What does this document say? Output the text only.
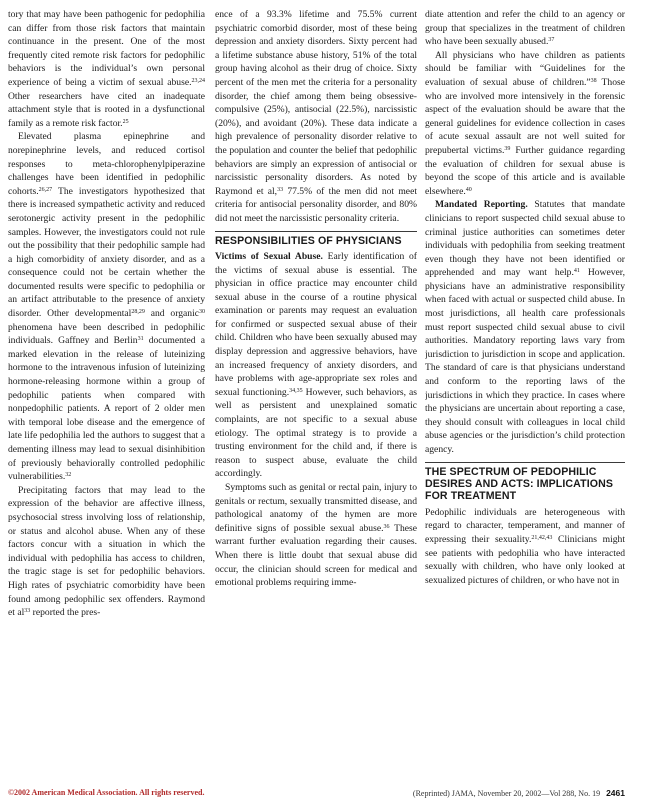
tory that may have been pathogenic for pedophilia can differ from those risk factors that maintain continuance in the present. One of the most frequently cited remote risk factors for pedophilic behaviors is the individual’s own personal experience of being a victim of sexual abuse.$^{23,24}$ Other researchers have cited an inadequate attachment style that is rooted in a dysfunctional family as a remote risk factor.$^{25}$

Elevated plasma epinephrine and norepinephrine levels, and reduced cortisol responses to meta-chlorophenylpiperazine challenges have been identified in pedophilic cohorts.$^{26,27}$ The investigators hypothesized that there is increased sympathetic activity and reduced serotonergic activity present in the pedophilic samples. However, the investigators could not rule out the possibility that their pedophilic sample had a high comorbidity of anxiety disorder, and as a consequence could not be certain whether the documented results were specific to pedophilia or an artifact attributable to the presence of anxiety disorder. Other developmental$^{28,29}$ and organic$^{30}$ phenomena have been described in pedophilic individuals. Gaffney and Berlin$^{31}$ documented a marked elevation in the release of luteinizing hormone to the intravenous infusion of luteinizing hormone-releasing hormone within a group of pedophilic patients when compared with nonpedophilic patients. A report of 2 older men with temporal lobe disease and the emergence of late life pedophilia led the authors to suggest that a dementing illness may lead to sexual disinhibition of previously behaviorally controlled pedophilic vulnerabilities.$^{32}$

Precipitating factors that may lead to the expression of the behavior are affective illness, psychosocial stress involving loss of relationship, or status and alcohol abuse. When any of these factors concur with a situation in which the individual with pedophilia has access to children, the tragic stage is set for pedophilic behaviors. High rates of psychiatric comorbidity have been found among pedophilic sex offenders. Raymond et $al^{33}$ reported the pres-

ence of a 93.3% lifetime and 75.5% current psychiatric comorbid disorder, most of these being depression and anxiety disorders. Sixty percent had a lifetime substance abuse history, 51% of the total group having alcohol as their drug of choice. Sixty percent of the men met the criteria for a personality disorder, the chief among them being obsessive-compulsive (25%), antisocial (22.5%), narcissistic (20%), and avoidant (20%). These data indicate a high prevalence of personality disorder relative to the population and counter the belief that pedophilic behaviors are simply an expression of antisocial or narcissistic personality disorders. As noted by Raymond et al,$^{33}$ 77.5% of the men did not meet criteria for antisocial personality disorder, and 80% did not meet the narcissistic personality criteria.

RESPONSIBILITIES OF PHYSICIANS

Victims of Sexual Abuse. Early identification of the victims of sexual abuse is essential. The physician in office practice may encounter child sexual abuse in the course of a routine physical examination or parents may request an evaluation for confirmed or suspected sexual abuse of their child. Children who have been sexually abused may display depression and aggressive behaviors, have an increased frequency of anxiety disorders, and have problems with age-appropriate sex roles and sexual functioning.$^{34,35}$ However, such behaviors, as well as persistent and unexplained somatic complaints, are not specific to a sexual abuse etiology. The optimal strategy is to provide a trusting environment for the child and, if there is reason to suspect abuse, evaluate the child accordingly.

Symptoms such as genital or rectal pain, injury to genitals or rectum, sexually transmitted disease, and pathological anatomy of the hymen are more definitive signs of possible sexual abuse.$^{36}$ These warrant further evaluation regarding their causes. When there is little doubt that sexual abuse did occur, the clinician should screen for medical and emotional problems requiring imme-

diate attention and refer the child to an agency or group that specializes in the treatment of children who have been sexually abused.$^{37}$

All physicians who have children as patients should be familiar with “Guidelines for the evaluation of sexual abuse of children.”$^{38}$ Those who are involved more intensively in the forensic aspect of the evaluation should be aware that the general guidelines for evidence collection in cases of acute sexual assault are not well suited for prepubertal victims.$^{39}$ Further guidance regarding the evaluation of children for sexual abuse is beyond the scope of this article and is available elsewhere.$^{40}$

Mandated Reporting. Statutes that mandate clinicians to report suspected child sexual abuse to criminal justice authorities can sometimes deter individuals with pedophilia from seeking treatment even though they have not been identified or apprehended and may want help.$^{41}$ However, physicians have an administrative responsibility when faced with actual or suspected child abuse. In most jurisdictions, all health care professionals must report suspected child sexual abuse to civil authorities. Mandatory reporting laws vary from jurisdiction to jurisdiction in scope and application. The standard of care is that physicians understand and conform to the reporting laws of the jurisdictions in which they practice. In cases where the physicians are uncertain about reporting a case, they should consult with colleagues in local child abuse agencies or the jurisdiction’s child protection agency.

THE SPECTRUM OF PEDOPHILIC DESIRES AND ACTS: IMPLICATIONS FOR TREATMENT

Pedophilic individuals are heterogeneous with regard to character, temperament, and manner of expressing their sexuality.$^{21,42,43}$ Clinicians might see patients with pedophilia who have interacted sexually with children, who have only looked at sexualized pictures of children, or who have not in

©2002 American Medical Association. All rights reserved.	(Reprinted) JAMA, November 20, 2002—Vol 288, No. 19 2461
